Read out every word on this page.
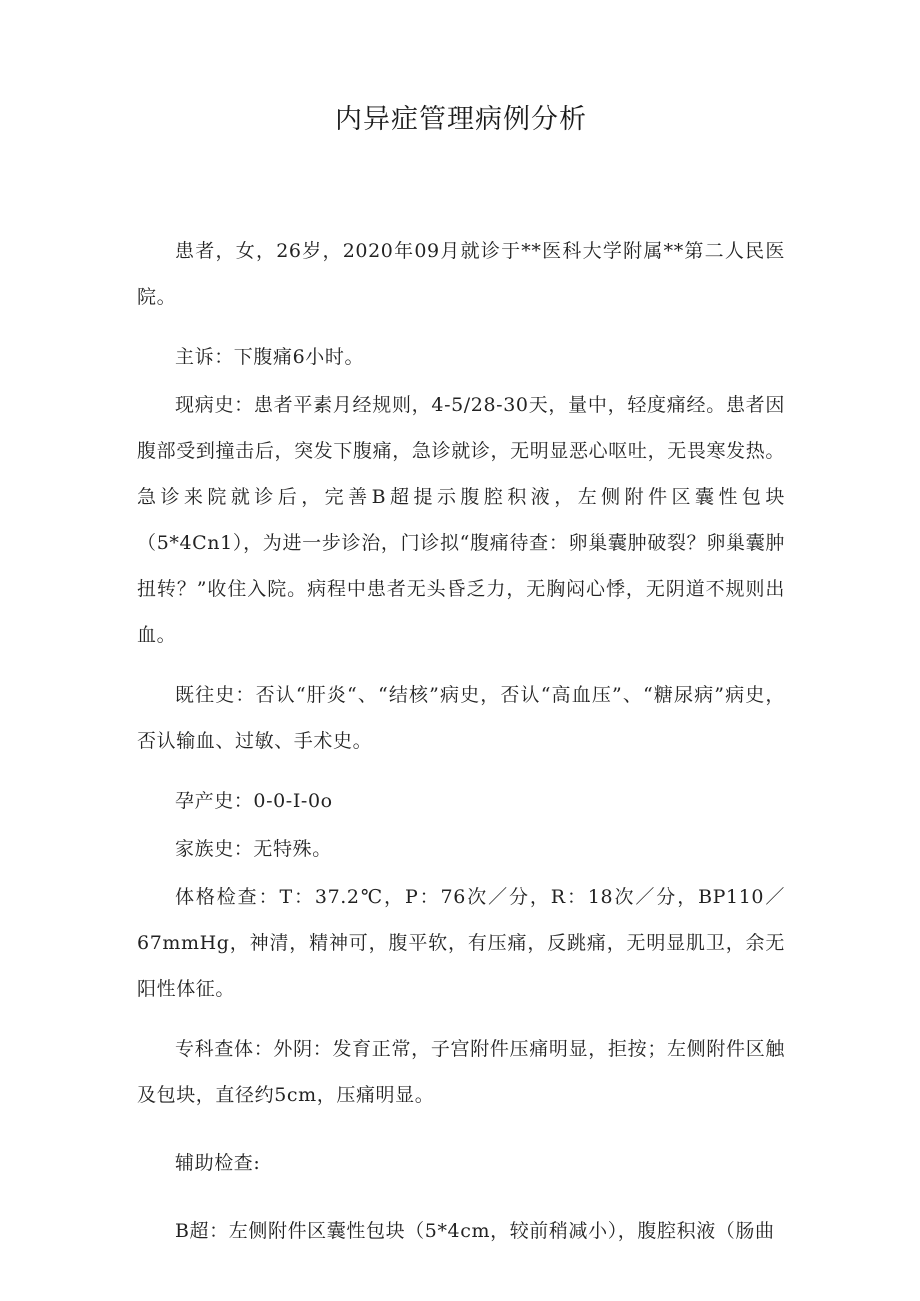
内异症管理病例分析

患者，女，26岁，2020年09月就诊于**医科大学附属**第二人民医院。

主诉：下腹痛6小时。

现病史：患者平素月经规则，4-5/28-30天，量中，轻度痛经。患者因腹部受到撞击后，突发下腹痛，急诊就诊，无明显恶心呕吐，无畏寒发热。急诊来院就诊后，完善B超提示腹腔积液，左侧附件区囊性包块（5*4Cn1），为进一步诊治，门诊拟“腹痛待查：卵巢囊肿破裂？卵巢囊肿扭转？”收住入院。病程中患者无头昏乏力，无胸闷心悸，无阴道不规则出血。

既往史：否认“肝炎“、“结核”病史，否认“高血压”、“糖尿病”病史，否认输血、过敏、手术史。

孕产史：0-0-I-0o

家族史：无特殊。

体格检查：T：37.2℃，P：76次／分，R：18次／分，BP110／67mmHg，神清，精神可，腹平软，有压痛，反跳痛，无明显肌卫，余无阳性体征。

专科查体：外阴：发育正常，子宫附件压痛明显，拒按；左侧附件区触及包块，直径约5cm，压痛明显。

辅助检查:

B超：左侧附件区囊性包块（5*4cm，较前稍减小），腹腔积液（肠曲
